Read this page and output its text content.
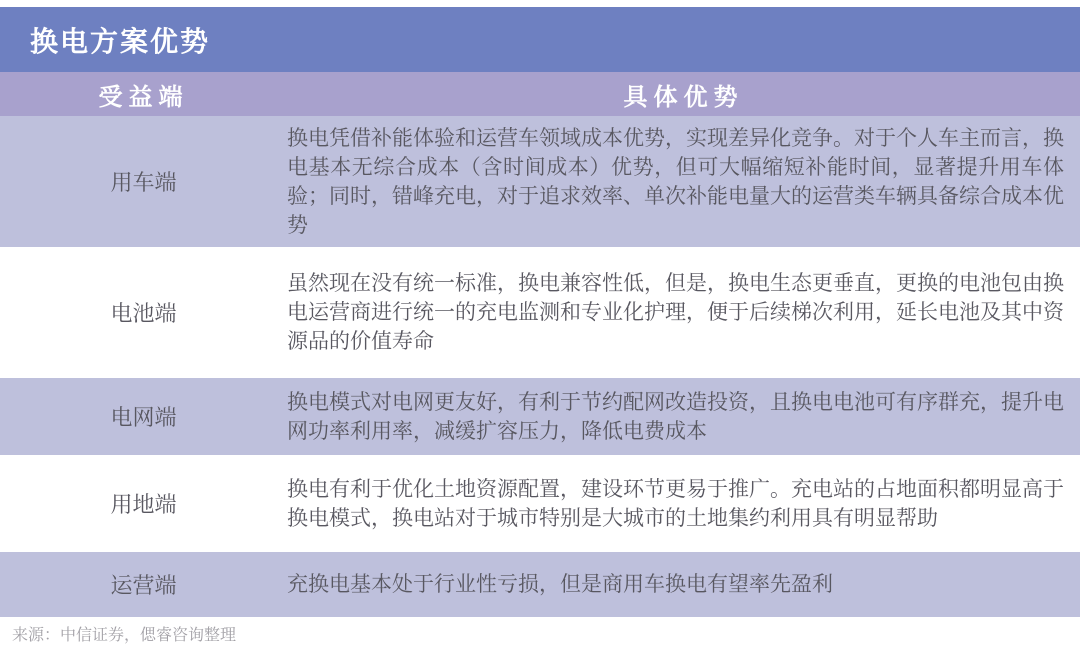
换电方案优势
受益端	具体优势
用车端
换电凭借补能体验和运营车领域成本优势，实现差异化竞争。对于个人车主而言，换电基本无综合成本（含时间成本）优势，但可大幅缩短补能时间，显著提升用车体验；同时，错峰充电，对于追求效率、单次补能电量大的运营类车辆具备综合成本优势
电池端
虽然现在没有统一标准，换电兼容性低，但是，换电生态更垂直，更换的电池包由换电运营商进行统一的充电监测和专业化护理，便于后续梯次利用，延长电池及其中资源品的价值寿命
电网端
换电模式对电网更友好，有利于节约配网改造投资，且换电电池可有序群充，提升电网功率利用率，减缓扩容压力，降低电费成本
用地端
换电有利于优化土地资源配置，建设环节更易于推广。充电站的占地面积都明显高于换电模式，换电站对于城市特别是大城市的土地集约利用具有明显帮助
运营端	充换电基本处于行业性亏损，但是商用车换电有望率先盈利
来源：中信证券，偲睿咨询整理
